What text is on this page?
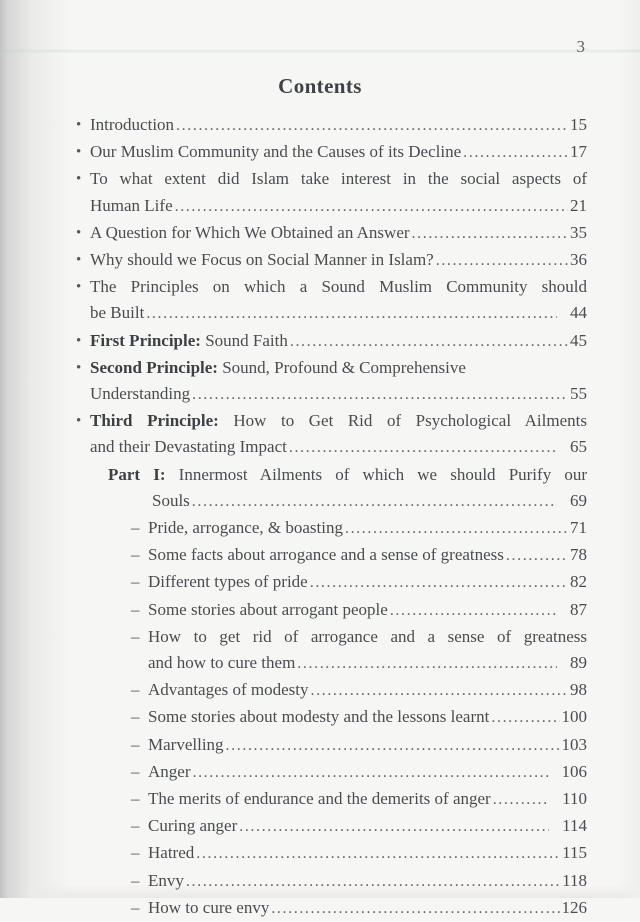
3
Contents
• Introduction .....	15
• Our Muslim Community and the Causes of its Decline .....	17
• To what extent did Islam take interest in the social aspects of
Human Life .....	21
• A Question for Which We Obtained an Answer .....	35
• Why should we Focus on Social Manner in Islam? .....	36
• The Principles on which a Sound Muslim Community should
be Built .....	44
• First Principle: Sound Faith .....	45
• Second Principle: Sound, Profound & Comprehensive
Understanding .....	55
• Third Principle: How to Get Rid of Psychological Ailments
and their Devastating Impact .....	65
Part I: Innermost Ailments of which we should Purify our
Souls .....	69
– Pride, arrogance, & boasting .....	71
– Some facts about arrogance and a sense of greatness .....	78
– Different types of pride .....	82
– Some stories about arrogant people .....	87
– How to get rid of arrogance and a sense of greatness
and how to cure them .....	89
– Advantages of modesty .....	98
– Some stories about modesty and the lessons learnt .....	100
– Marvelling .....	103
– Anger .....	106
– The merits of endurance and the demerits of anger .....	110
– Curing anger .....	114
– Hatred .....	115
– Envy .....	118
– How to cure envy .....	126
